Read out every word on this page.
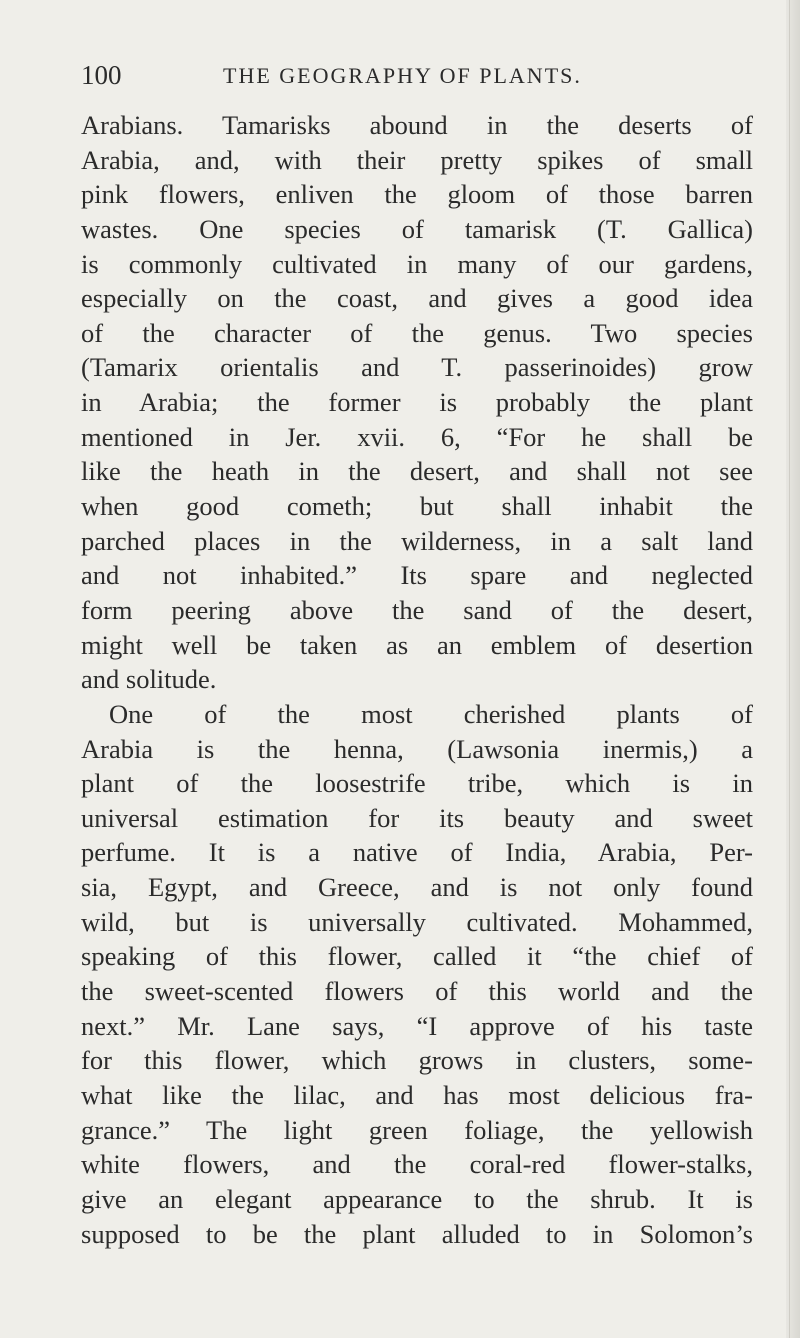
100	THE GEOGRAPHY OF PLANTS.
Arabians. Tamarisks abound in the deserts of
Arabia, and, with their pretty spikes of small
pink flowers, enliven the gloom of those barren
wastes. One species of tamarisk (T. Gallica)
is commonly cultivated in many of our gardens,
especially on the coast, and gives a good idea
of the character of the genus. Two species
(Tamarix orientalis and T. passerinoides) grow
in Arabia; the former is probably the plant
mentioned in Jer. xvii. 6, “For he shall be
like the heath in the desert, and shall not see
when good cometh; but shall inhabit the
parched places in the wilderness, in a salt land
and not inhabited.” Its spare and neglected
form peering above the sand of the desert,
might well be taken as an emblem of desertion
and solitude.
One of the most cherished plants of
Arabia is the henna, (Lawsonia inermis,) a
plant of the loosestrife tribe, which is in
universal estimation for its beauty and sweet
perfume. It is a native of India, Arabia, Per-
sia, Egypt, and Greece, and is not only found
wild, but is universally cultivated. Mohammed,
speaking of this flower, called it “the chief of
the sweet-scented flowers of this world and the
next.” Mr. Lane says, “I approve of his taste
for this flower, which grows in clusters, some-
what like the lilac, and has most delicious fra-
grance.” The light green foliage, the yellowish
white flowers, and the coral-red flower-stalks,
give an elegant appearance to the shrub. It is
supposed to be the plant alluded to in Solomon’s
